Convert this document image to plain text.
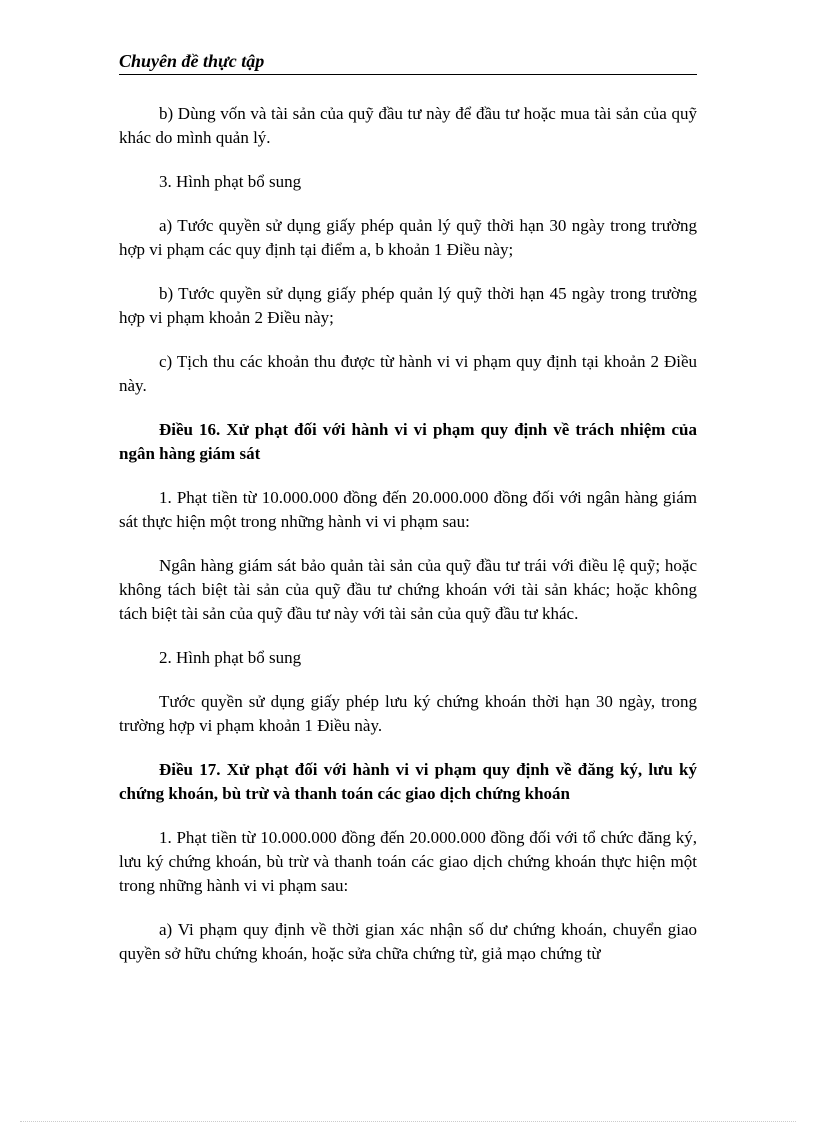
Chuyên đề thực tập

b) Dùng vốn và tài sản của quỹ đầu tư này để đầu tư hoặc mua tài sản của quỹ khác do mình quản lý.

3. Hình phạt bổ sung

a) Tước quyền sử dụng giấy phép quản lý quỹ thời hạn 30 ngày trong trường hợp vi phạm các quy định tại điểm a, b khoản 1 Điều này;

b) Tước quyền sử dụng giấy phép quản lý quỹ thời hạn 45 ngày trong trường hợp vi phạm khoản 2 Điều này;

c) Tịch thu các khoản thu được từ hành vi vi phạm quy định tại khoản 2 Điều này.

Điều 16. Xử phạt đối với hành vi vi phạm quy định về trách nhiệm của ngân hàng giám sát

1. Phạt tiền từ 10.000.000 đồng đến 20.000.000 đồng đối với ngân hàng giám sát thực hiện một trong những hành vi vi phạm sau:

Ngân hàng giám sát bảo quản tài sản của quỹ đầu tư trái với điều lệ quỹ; hoặc không tách biệt tài sản của quỹ đầu tư chứng khoán với tài sản khác; hoặc không tách biệt tài sản của quỹ đầu tư này với tài sản của quỹ đầu tư khác.

2. Hình phạt bổ sung

Tước quyền sử dụng giấy phép lưu ký chứng khoán thời hạn 30 ngày, trong trường hợp vi phạm khoản 1 Điều này.

Điều 17. Xử phạt đối với hành vi vi phạm quy định về đăng ký, lưu ký chứng khoán, bù trừ và thanh toán các giao dịch chứng khoán

1. Phạt tiền từ 10.000.000 đồng đến 20.000.000 đồng đối với tổ chức đăng ký, lưu ký chứng khoán, bù trừ và thanh toán các giao dịch chứng khoán thực hiện một trong những hành vi vi phạm sau:

a) Vi phạm quy định về thời gian xác nhận số dư chứng khoán, chuyển giao quyền sở hữu chứng khoán, hoặc sửa chữa chứng từ, giả mạo chứng từ
